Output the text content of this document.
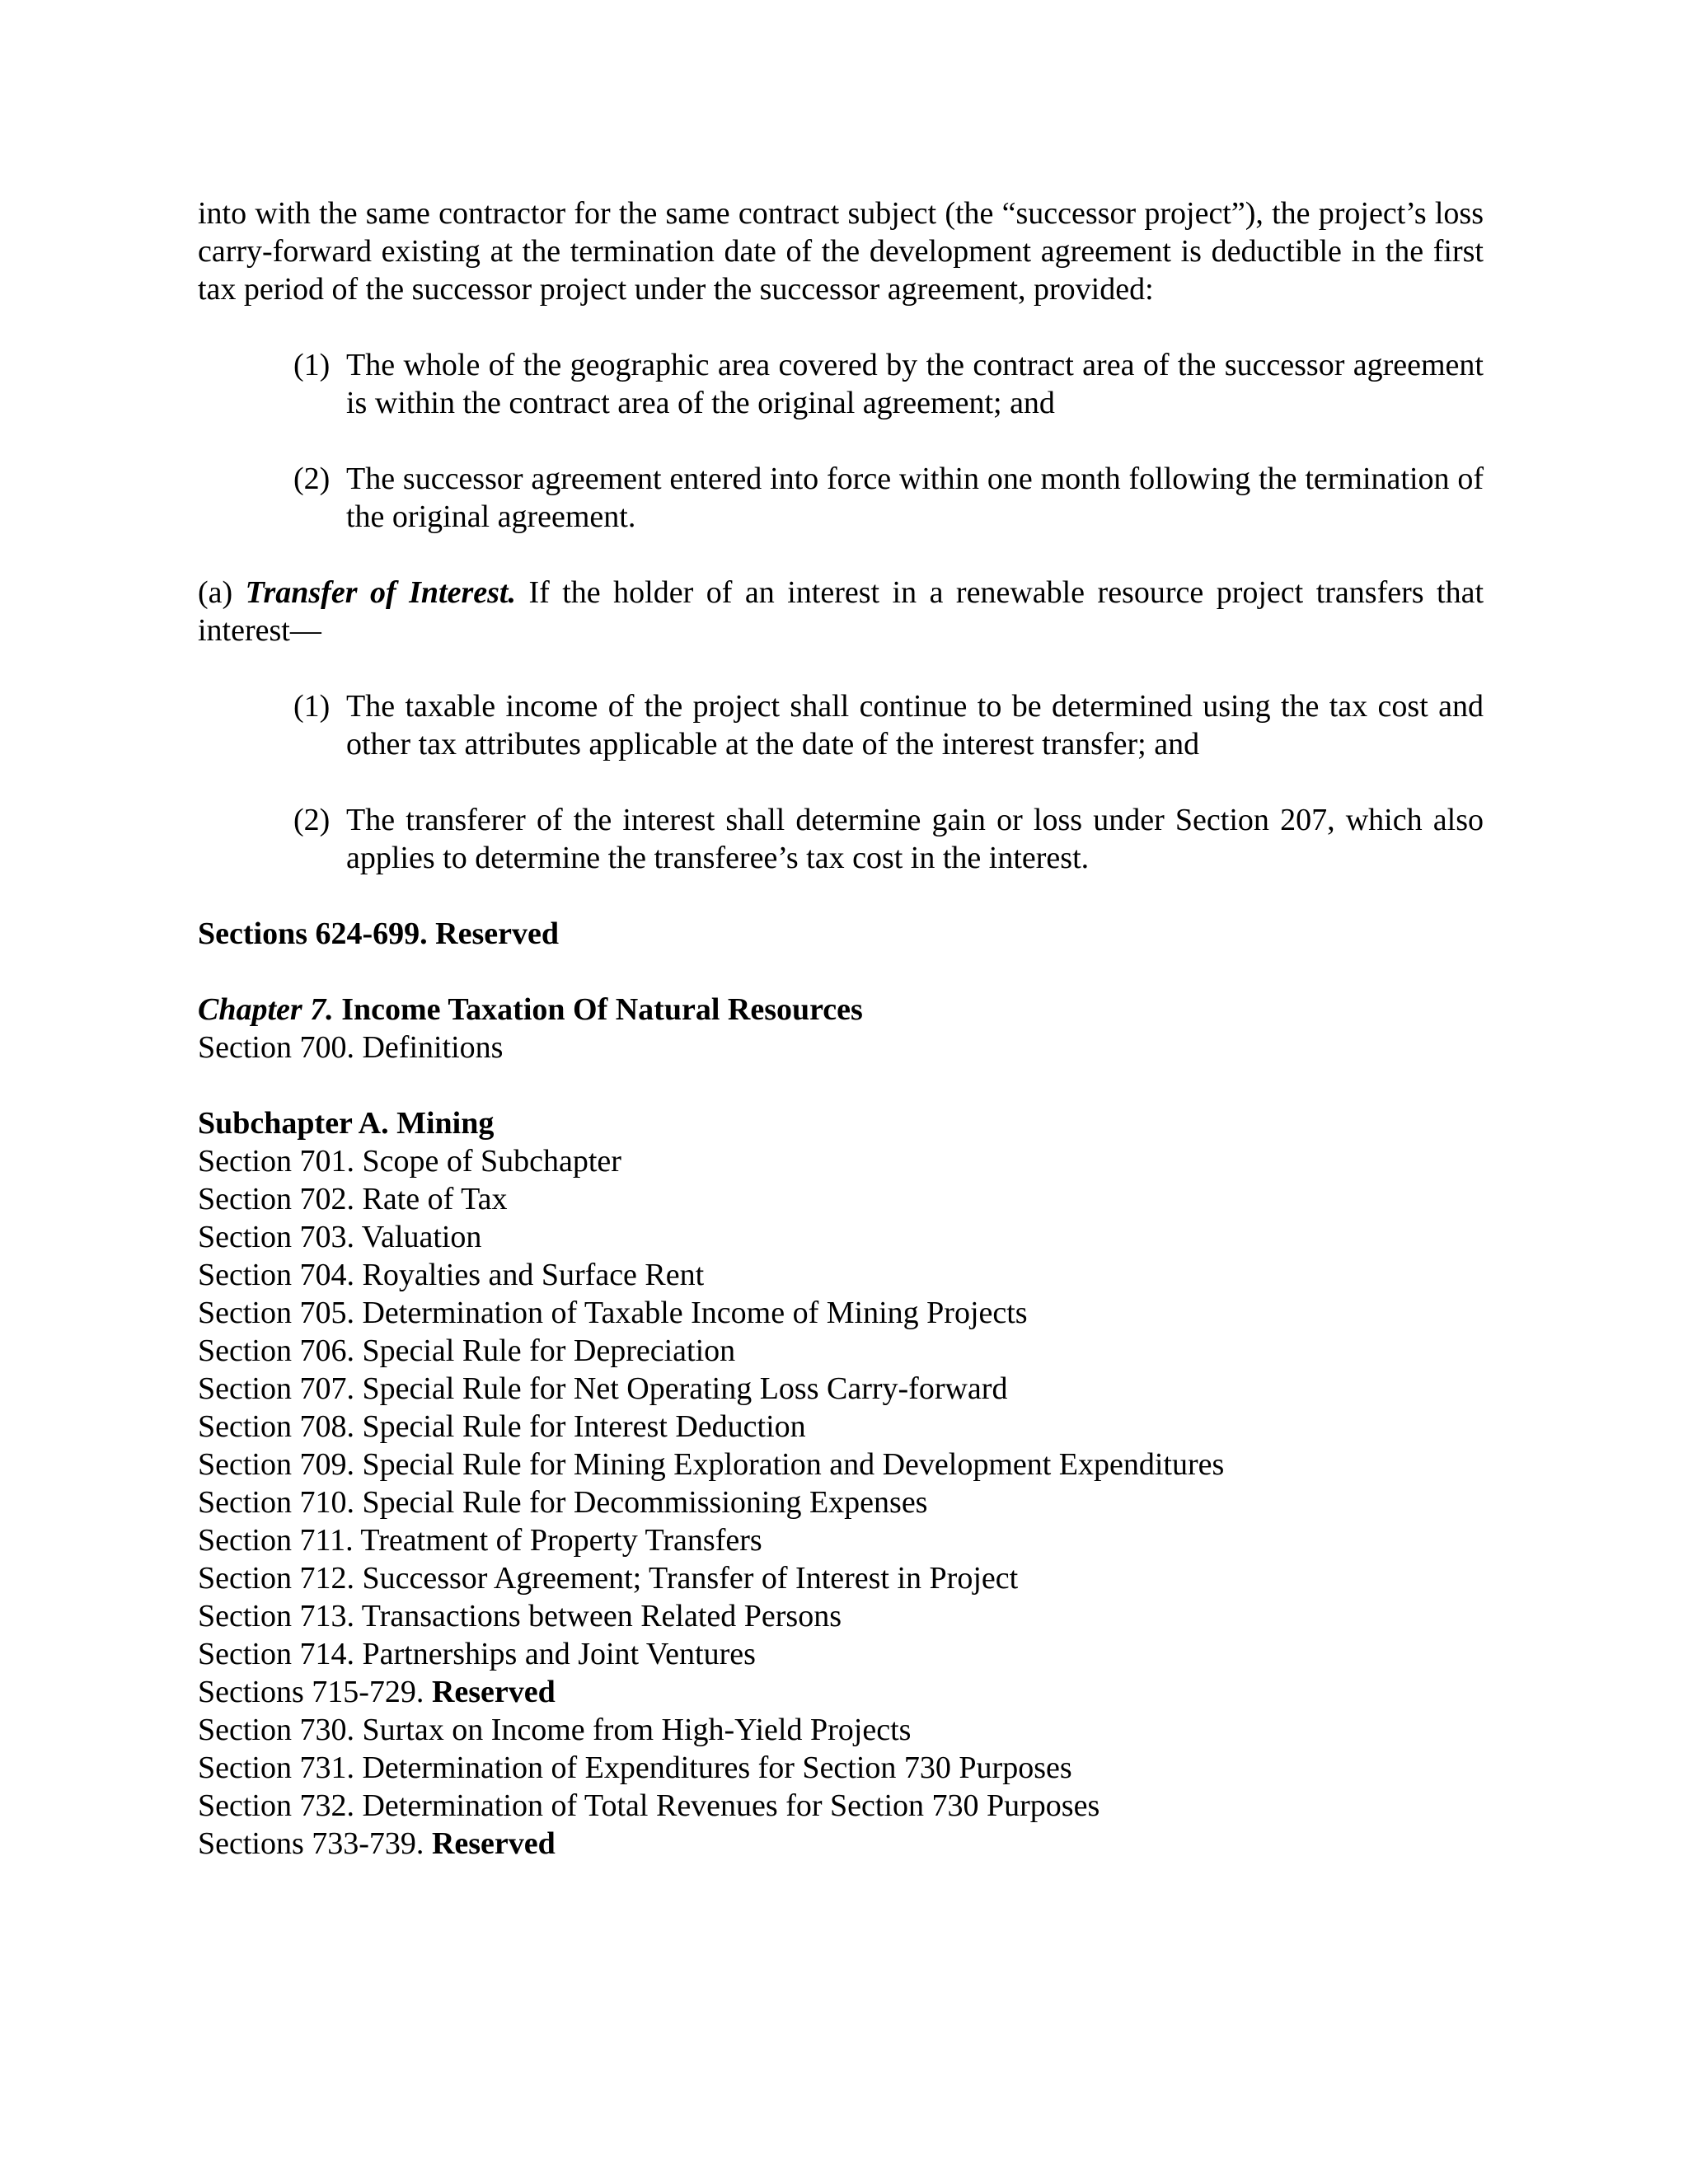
into with the same contractor for the same contract subject (the “successor project”), the project’s loss carry-forward existing at the termination date of the development agreement is deductible in the first tax period of the successor project under the successor agreement, provided:

(1) The whole of the geographic area covered by the contract area of the successor agreement is within the contract area of the original agreement; and

(2) The successor agreement entered into force within one month following the termination of the original agreement.

(a) Transfer of Interest. If the holder of an interest in a renewable resource project transfers that interest—

(1) The taxable income of the project shall continue to be determined using the tax cost and other tax attributes applicable at the date of the interest transfer; and

(2) The transferer of the interest shall determine gain or loss under Section 207, which also applies to determine the transferee’s tax cost in the interest.

Sections 624-699. Reserved

Chapter 7. Income Taxation Of Natural Resources

Section 700. Definitions

Subchapter A. Mining

Section 701. Scope of Subchapter

Section 702. Rate of Tax

Section 703. Valuation

Section 704. Royalties and Surface Rent

Section 705. Determination of Taxable Income of Mining Projects

Section 706. Special Rule for Depreciation

Section 707. Special Rule for Net Operating Loss Carry-forward

Section 708. Special Rule for Interest Deduction

Section 709. Special Rule for Mining Exploration and Development Expenditures

Section 710. Special Rule for Decommissioning Expenses

Section 711. Treatment of Property Transfers

Section 712. Successor Agreement; Transfer of Interest in Project

Section 713. Transactions between Related Persons

Section 714. Partnerships and Joint Ventures

Sections 715-729. Reserved

Section 730. Surtax on Income from High-Yield Projects

Section 731. Determination of Expenditures for Section 730 Purposes

Section 732. Determination of Total Revenues for Section 730 Purposes

Sections 733-739. Reserved
